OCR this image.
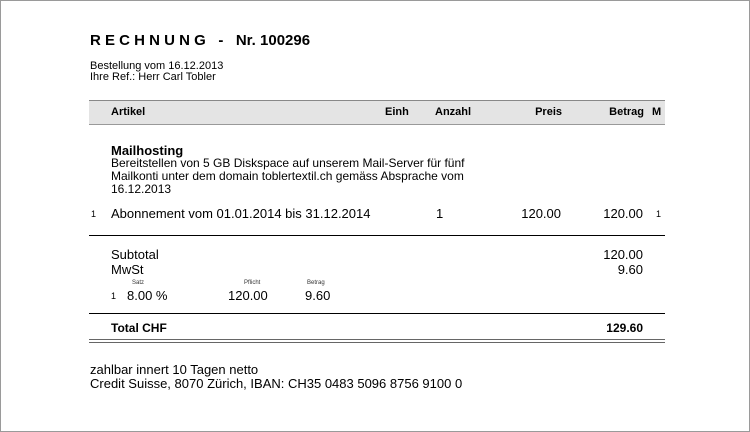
R E C H N U N G   -   Nr. 100296
Bestellung vom 16.12.2013
Ihre Ref.: Herr Carl Tobler
Artikel	Einh Anzahl	Preis	Betrag M
Mailhosting
Bereitstellen von 5 GB Diskspace auf unserem Mail-Server für fünf
Mailkonti unter dem domain toblertextil.ch gemäss Absprache vom
16.12.2013
1 Abonnement vom 01.01.2014 bis 31.12.2014	1	120.00	120.00 1
Subtotal	120.00
MwSt	9.60
Satz	Pflicht	Betrag
1 8.00 %	120.00	9.60
Total CHF	129.60
zahlbar innert 10 Tagen netto
Credit Suisse, 8070 Zürich, IBAN: CH35 0483 5096 8756 9100 0
